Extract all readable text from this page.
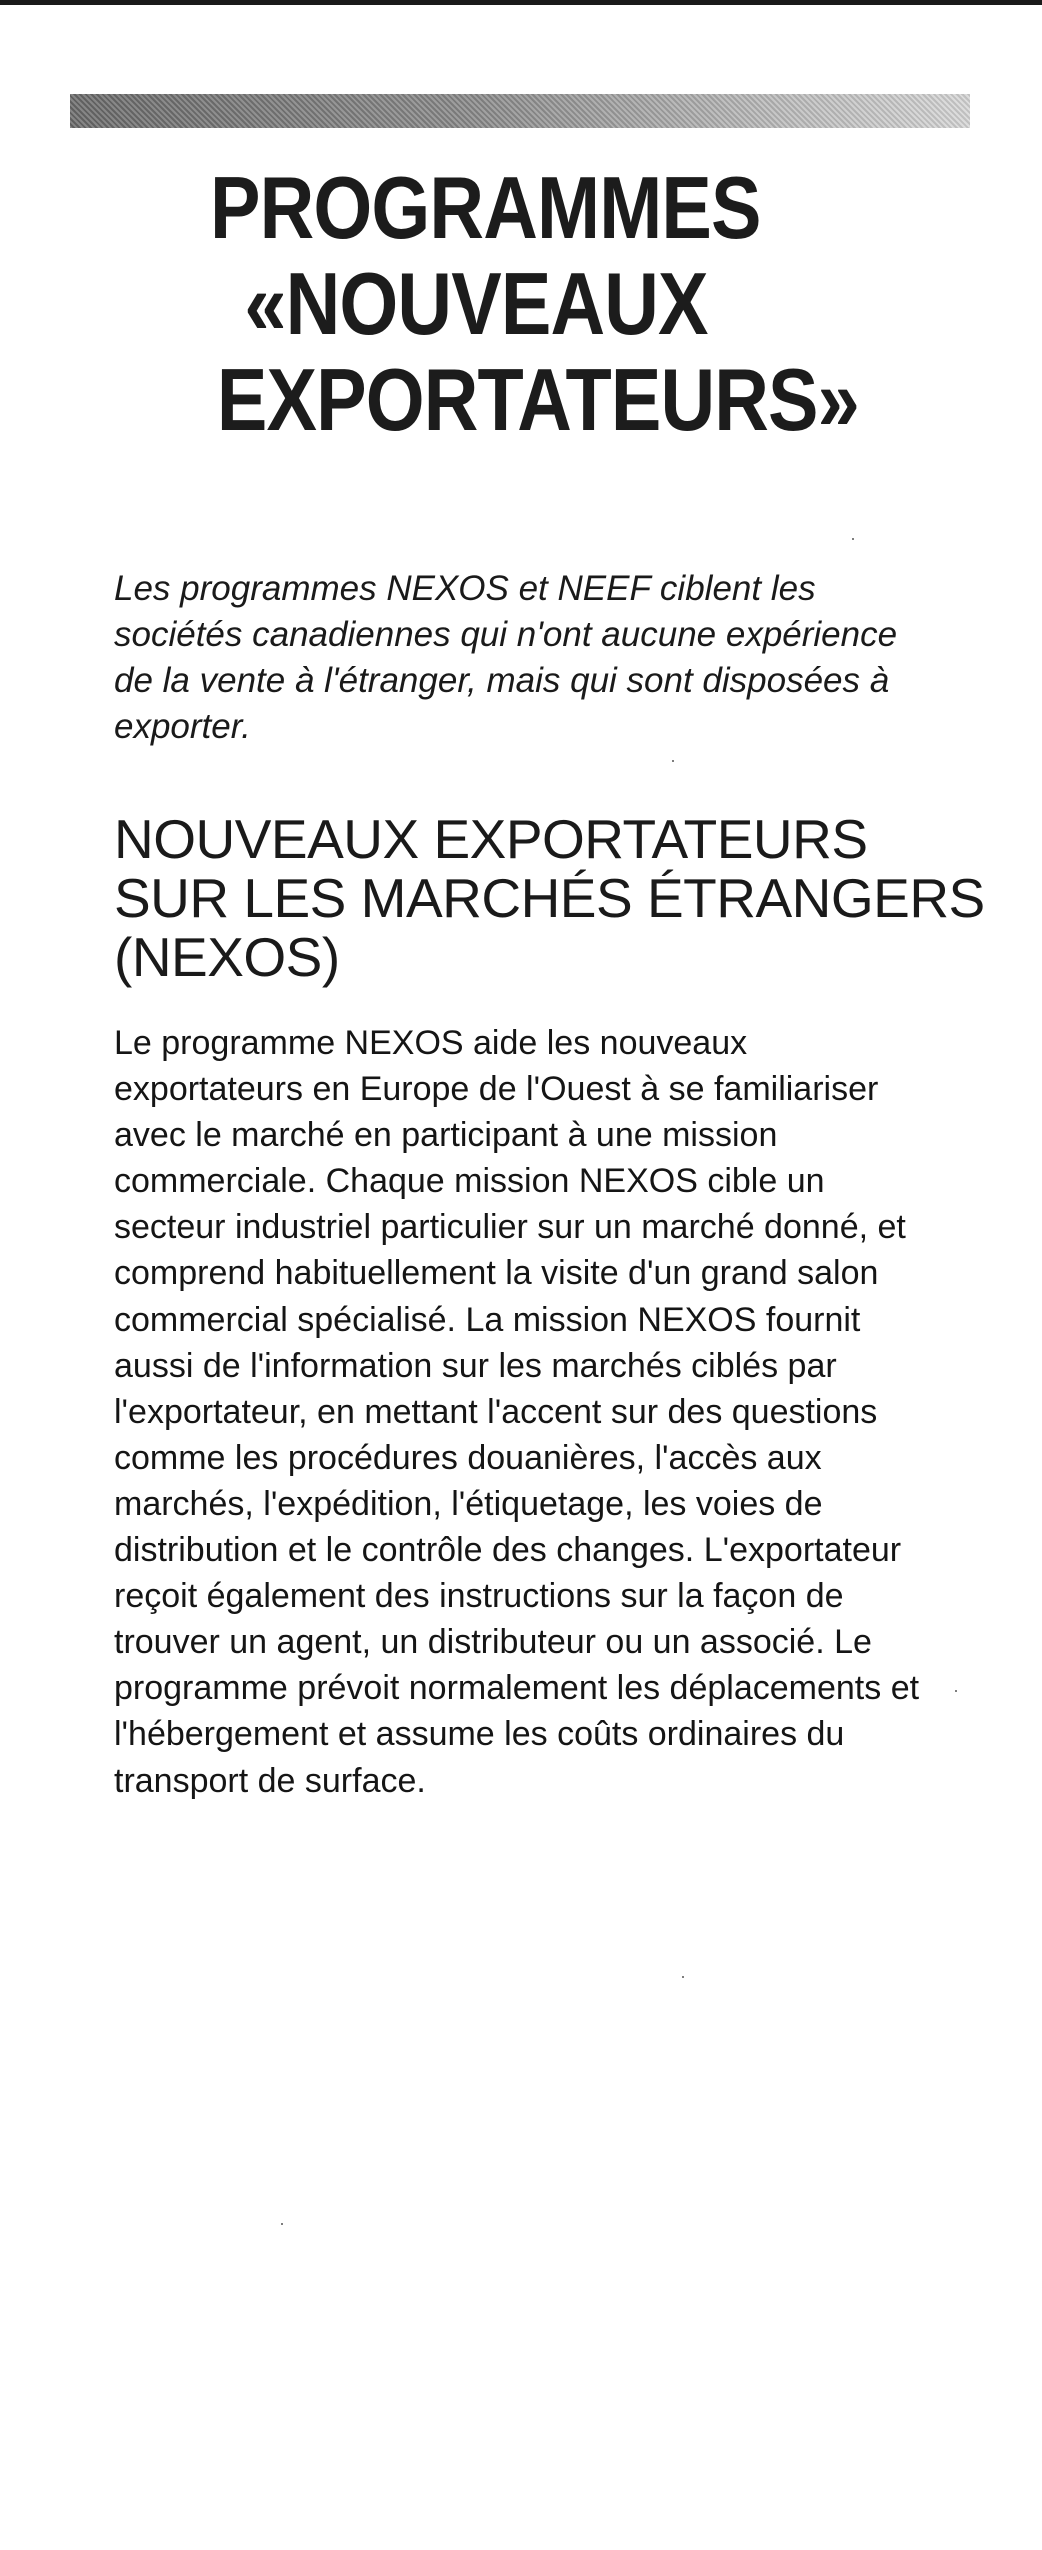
PROGRAMMES
«NOUVEAUX
EXPORTATEURS»

Les programmes NEXOS et NEEF ciblent les sociétés canadiennes qui n'ont aucune expérience de la vente à l'étranger, mais qui sont disposées à exporter.

NOUVEAUX EXPORTATEURS SUR LES MARCHÉS ÉTRANGERS (NEXOS)

Le programme NEXOS aide les nouveaux exportateurs en Europe de l'Ouest à se familiariser avec le marché en participant à une mission commerciale. Chaque mission NEXOS cible un secteur industriel particulier sur un marché donné, et comprend habituellement la visite d'un grand salon commercial spécialisé. La mission NEXOS fournit aussi de l'information sur les marchés ciblés par l'exportateur, en mettant l'accent sur des questions comme les procédures douanières, l'accès aux marchés, l'expédition, l'étiquetage, les voies de distribution et le contrôle des changes. L'exportateur reçoit également des instructions sur la façon de trouver un agent, un distributeur ou un associé. Le programme prévoit normalement les déplacements et l'hébergement et assume les coûts ordinaires du transport de surface.
